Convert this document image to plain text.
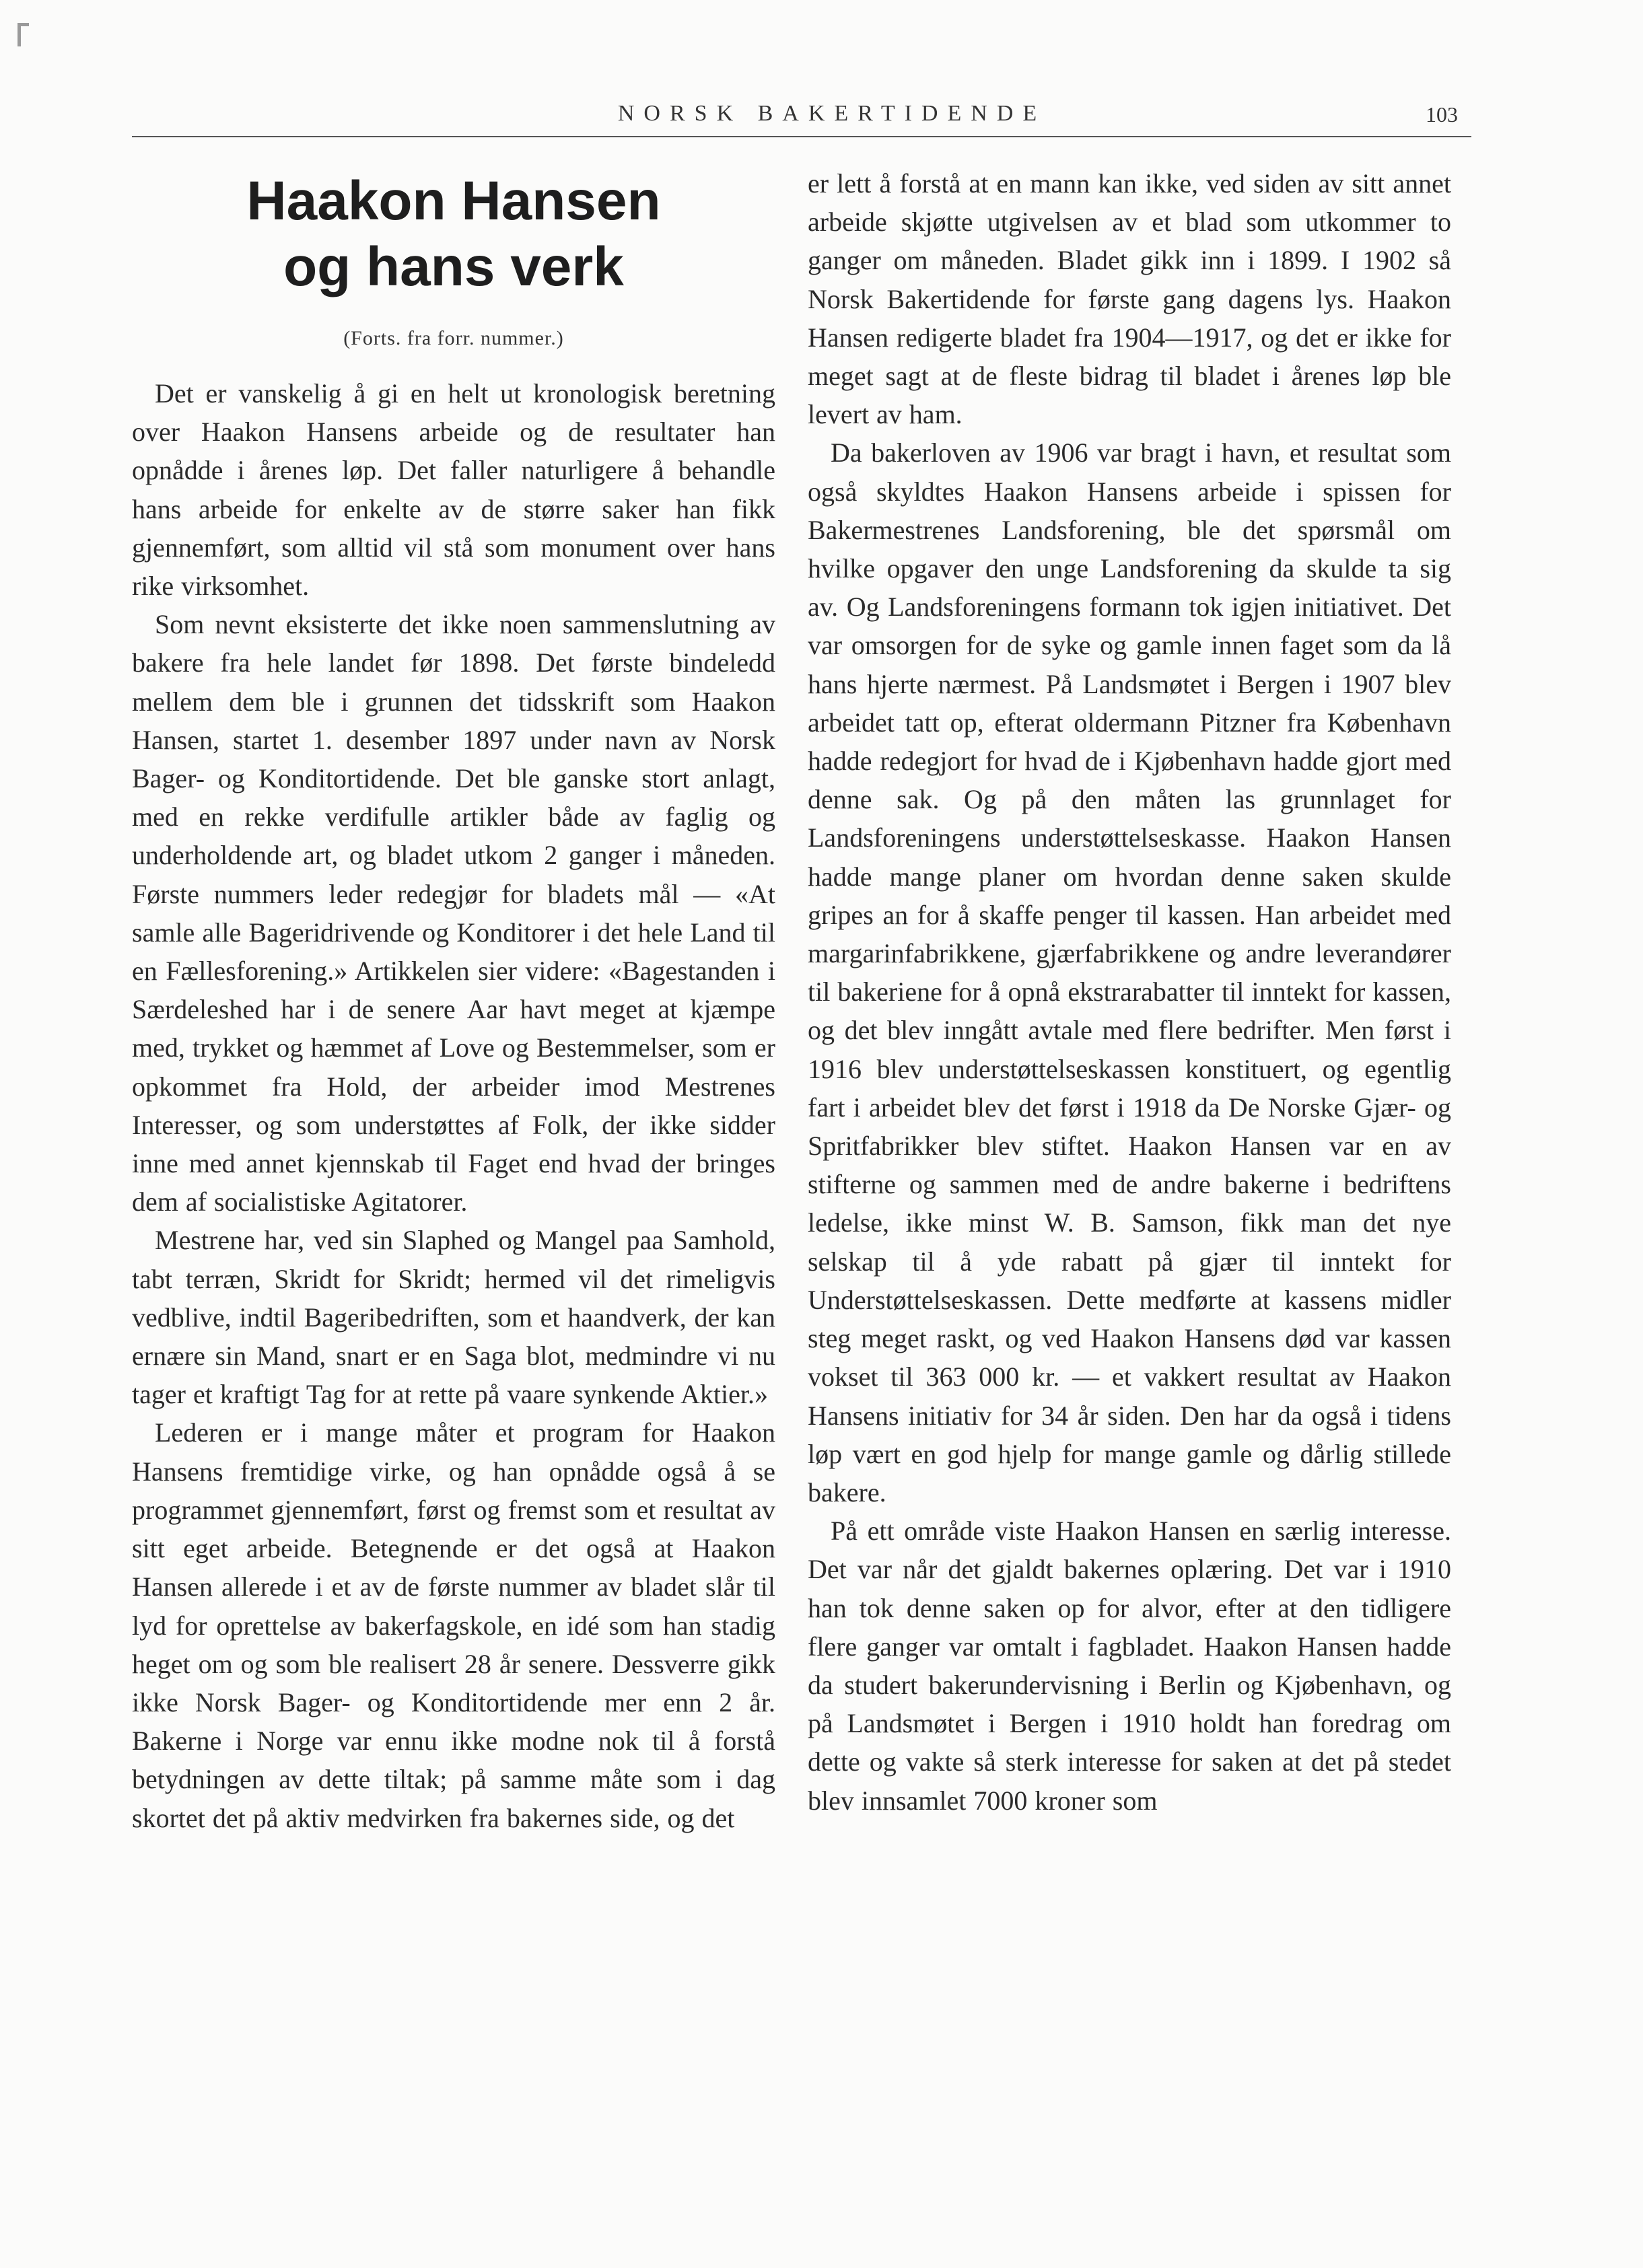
NORSK BAKERTIDENDE	103
Haakon Hansen
og hans verk
(Forts. fra forr. nummer.)

Det er vanskelig å gi en helt ut kronologisk beretning over Haakon Hansens arbeide og de resultater han opnådde i årenes løp. Det faller naturligere å behandle hans arbeide for enkelte av de større saker han fikk gjennemført, som alltid vil stå som monument over hans rike virksomhet.

Som nevnt eksisterte det ikke noen sammenslutning av bakere fra hele landet før 1898. Det første bindeledd mellem dem ble i grunnen det tidsskrift som Haakon Hansen, startet 1. desember 1897 under navn av Norsk Bager- og Konditortidende. Det ble ganske stort anlagt, med en rekke verdifulle artikler både av faglig og underholdende art, og bladet utkom 2 ganger i måneden. Første nummers leder redegjør for bladets mål — «At samle alle Bageridrivende og Konditorer i det hele Land til en Fællesforening.» Artikkelen sier videre: «Bagestanden i Særdeleshed har i de senere Aar havt meget at kjæmpe med, trykket og hæmmet af Love og Bestemmelser, som er opkommet fra Hold, der arbeider imod Mestrenes Interesser, og som understøttes af Folk, der ikke sidder inne med annet kjennskab til Faget end hvad der bringes dem af socialistiske Agitatorer.

Mestrene har, ved sin Slaphed og Mangel paa Samhold, tabt terræn, Skridt for Skridt; hermed vil det rimeligvis vedblive, indtil Bageribedriften, som et haandverk, der kan ernære sin Mand, snart er en Saga blot, medmindre vi nu tager et kraftigt Tag for at rette på vaare synkende Aktier.»

Lederen er i mange måter et program for Haakon Hansens fremtidige virke, og han opnådde også å se programmet gjennemført, først og fremst som et resultat av sitt eget arbeide. Betegnende er det også at Haakon Hansen allerede i et av de første nummer av bladet slår til lyd for oprettelse av bakerfagskole, en idé som han stadig heget om og som ble realisert 28 år senere. Dessverre gikk ikke Norsk Bager- og Konditortidende mer enn 2 år. Bakerne i Norge var ennu ikke modne nok til å forstå betydningen av dette tiltak; på samme måte som i dag skortet det på aktiv medvirken fra bakernes side, og det

er lett å forstå at en mann kan ikke, ved siden av sitt annet arbeide skjøtte utgivelsen av et blad som utkommer to ganger om måneden. Bladet gikk inn i 1899. I 1902 så Norsk Bakertidende for første gang dagens lys. Haakon Hansen redigerte bladet fra 1904—1917, og det er ikke for meget sagt at de fleste bidrag til bladet i årenes løp ble levert av ham.

Da bakerloven av 1906 var bragt i havn, et resultat som også skyldtes Haakon Hansens arbeide i spissen for Bakermestrenes Landsforening, ble det spørsmål om hvilke opgaver den unge Landsforening da skulde ta sig av. Og Landsforeningens formann tok igjen initiativet. Det var omsorgen for de syke og gamle innen faget som da lå hans hjerte nærmest. På Landsmøtet i Bergen i 1907 blev arbeidet tatt op, efterat oldermann Pitzner fra København hadde redegjort for hvad de i Kjøbenhavn hadde gjort med denne sak. Og på den måten las grunnlaget for Landsforeningens understøttelseskasse. Haakon Hansen hadde mange planer om hvordan denne saken skulde gripes an for å skaffe penger til kassen. Han arbeidet med margarinfabrikkene, gjærfabrikkene og andre leverandører til bakeriene for å opnå ekstrarabatter til inntekt for kassen, og det blev inngått avtale med flere bedrifter. Men først i 1916 blev understøttelseskassen konstituert, og egentlig fart i arbeidet blev det først i 1918 da De Norske Gjær- og Spritfabrikker blev stiftet. Haakon Hansen var en av stifterne og sammen med de andre bakerne i bedriftens ledelse, ikke minst W. B. Samson, fikk man det nye selskap til å yde rabatt på gjær til inntekt for Understøttelseskassen. Dette medførte at kassens midler steg meget raskt, og ved Haakon Hansens død var kassen vokset til 363 000 kr. — et vakkert resultat av Haakon Hansens initiativ for 34 år siden. Den har da også i tidens løp vært en god hjelp for mange gamle og dårlig stillede bakere.

På ett område viste Haakon Hansen en særlig interesse. Det var når det gjaldt bakernes oplæring. Det var i 1910 han tok denne saken op for alvor, efter at den tidligere flere ganger var omtalt i fagbladet. Haakon Hansen hadde da studert bakerundervisning i Berlin og Kjøbenhavn, og på Landsmøtet i Bergen i 1910 holdt han foredrag om dette og vakte så sterk interesse for saken at det på stedet blev innsamlet 7000 kroner som
